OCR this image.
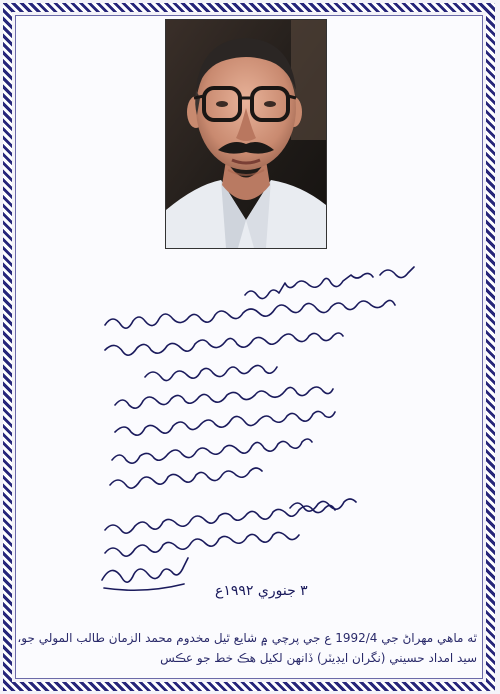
٣ جنوري ١٩٩٢ع
ٿه ماهي مهراڻ جي 1992/4 ع جي پرچي ۾ شايع ٿيل مخدوم محمد الزمان طالب المولي جو،
سيد امداد حسيني (نگران ايڊيٽر) ڏانهن لکيل هڪ خط جو عڪس
